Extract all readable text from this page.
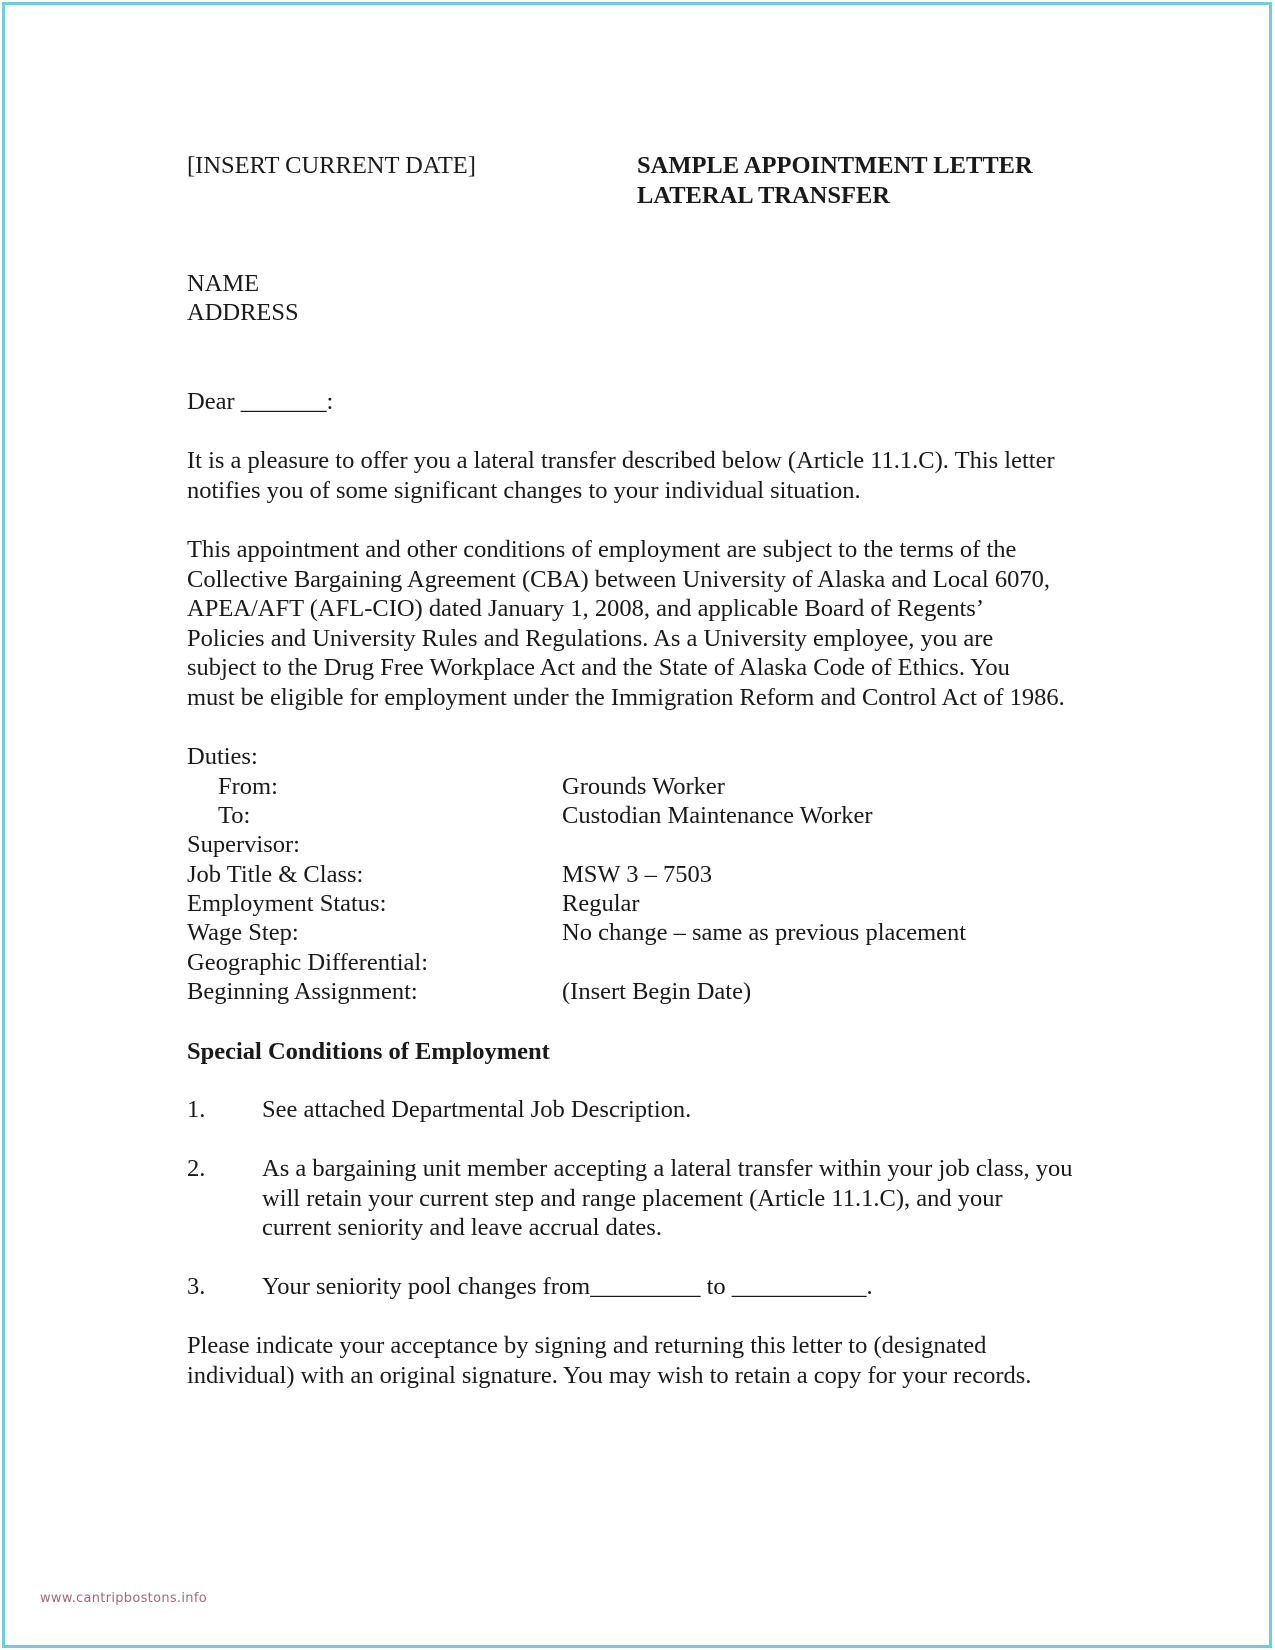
[INSERT CURRENT DATE]	SAMPLE APPOINTMENT LETTER
LATERAL TRANSFER
NAME
ADDRESS
Dear _______:
It is a pleasure to offer you a lateral transfer described below (Article 11.1.C). This letter
notifies you of some significant changes to your individual situation.
This appointment and other conditions of employment are subject to the terms of the
Collective Bargaining Agreement (CBA) between University of Alaska and Local 6070,
APEA/AFT (AFL-CIO) dated January 1, 2008, and applicable Board of Regents’
Policies and University Rules and Regulations. As a University employee, you are
subject to the Drug Free Workplace Act and the State of Alaska Code of Ethics. You
must be eligible for employment under the Immigration Reform and Control Act of 1986.
Duties:
From:	Grounds Worker
To:	Custodian Maintenance Worker
Supervisor:
Job Title & Class:	MSW 3 – 7503
Employment Status:	Regular
Wage Step:	No change – same as previous placement
Geographic Differential:
Beginning Assignment:	(Insert Begin Date)
Special Conditions of Employment
1. See attached Departmental Job Description.
2. As a bargaining unit member accepting a lateral transfer within your job class, you
will retain your current step and range placement (Article 11.1.C), and your
current seniority and leave accrual dates.
3. Your seniority pool changes from_________ to ___________.
Please indicate your acceptance by signing and returning this letter to (designated
individual) with an original signature. You may wish to retain a copy for your records.
www.cantripbostons.info
